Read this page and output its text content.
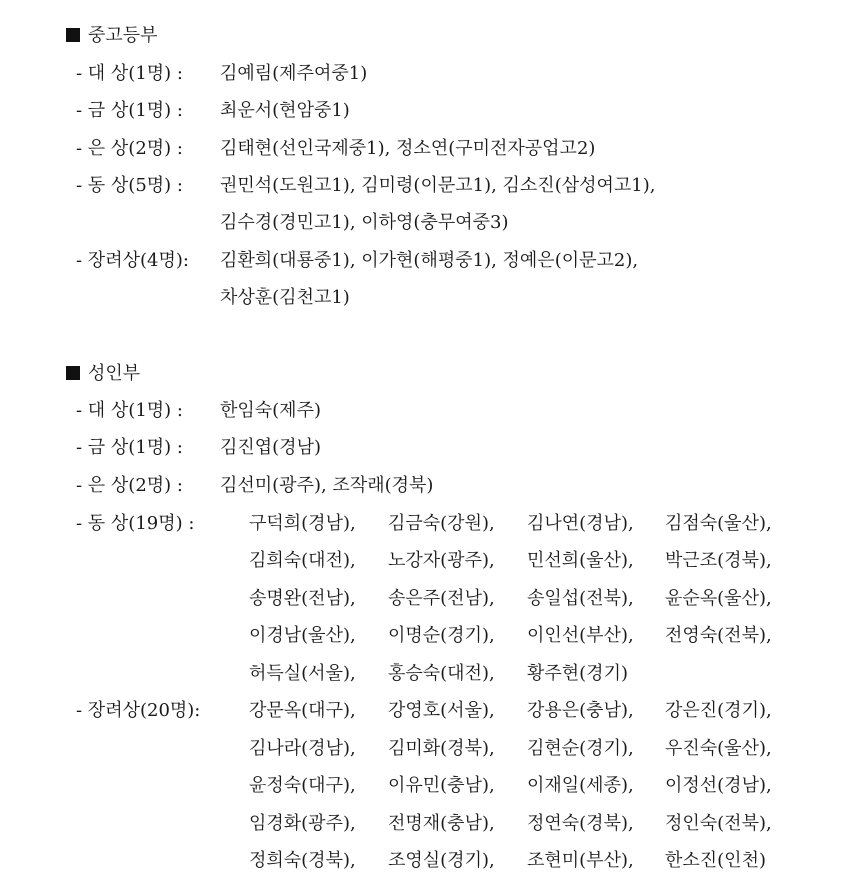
중고등부
- 대 상(1명) : 김예림(제주여중1)
- 금 상(1명) : 최운서(현암중1)
- 은 상(2명) : 김태현(선인국제중1), 정소연(구미전자공업고2)
- 동 상(5명) : 권민석(도원고1), 김미령(이문고1), 김소진(삼성여고1),
김수경(경민고1), 이하영(충무여중3)
- 장려상(4명): 김환희(대룡중1), 이가현(해평중1), 정예은(이문고2),
차상훈(김천고1)
성인부
- 대 상(1명) : 한임숙(제주)
- 금 상(1명) : 김진엽(경남)
- 은 상(2명) : 김선미(광주), 조작래(경북)
- 동 상(19명) :	구덕희(경남), 김금숙(강원), 김나연(경남), 김점숙(울산),
김희숙(대전), 노강자(광주), 민선희(울산), 박근조(경북),
송명완(전남), 송은주(전남), 송일섭(전북), 윤순옥(울산),
이경남(울산), 이명순(경기), 이인선(부산), 전영숙(전북),
허득실(서울), 홍승숙(대전), 황주현(경기)
- 장려상(20명):	강문옥(대구), 강영호(서울), 강용은(충남), 강은진(경기),
김나라(경남), 김미화(경북), 김현순(경기), 우진숙(울산),
윤정숙(대구), 이유민(충남), 이재일(세종), 이정선(경남),
임경화(광주), 전명재(충남), 정연숙(경북), 정인숙(전북),
정희숙(경북), 조영실(경기), 조현미(부산), 한소진(인천)
